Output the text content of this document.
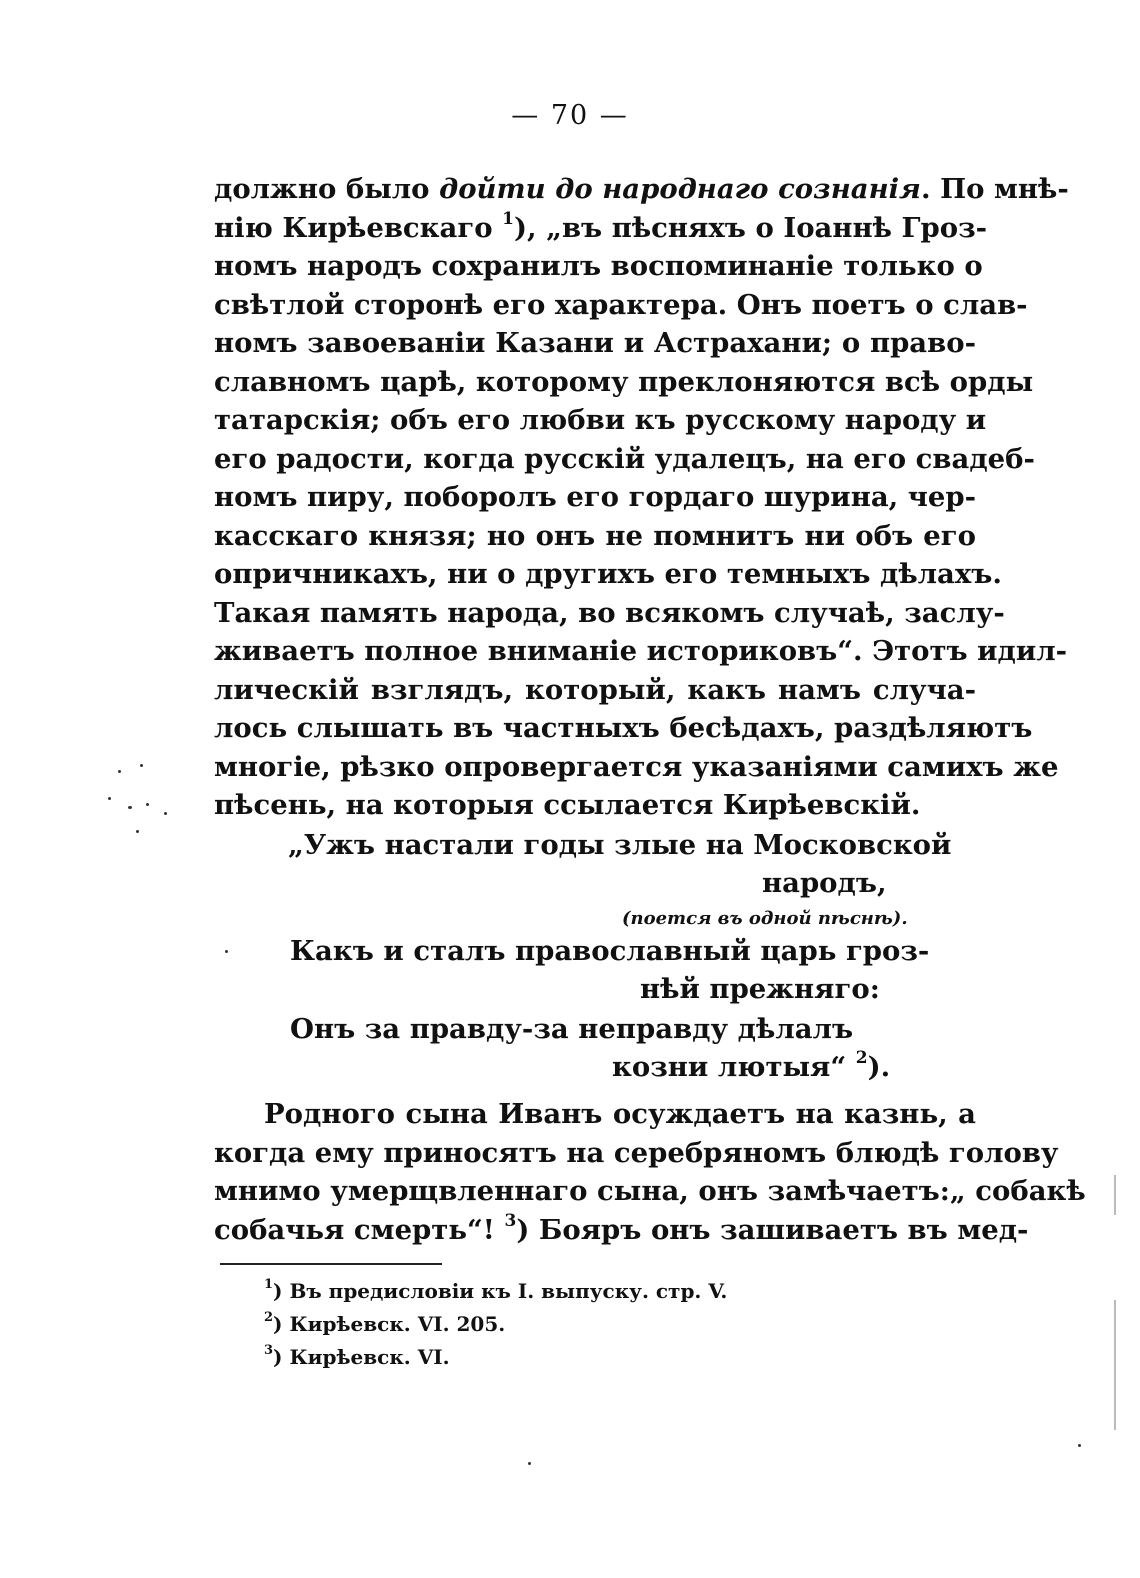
— 70 —
должно было дойти до народнаго сознанія. По мнѣ-
нію Кирѣевскаго $^1$), „въ пѣсняхъ о Іоаннѣ Гроз-
номъ народъ сохранилъ воспоминаніе только о
свѣтлой сторонѣ его характера. Онъ поетъ о слав-
номъ завоеваніи Казани и Астрахани; о право-
славномъ царѣ, которому преклоняются всѣ орды
татарскія; объ его любви къ русскому народу и
его радости, когда русскій удалецъ, на его свадеб-
номъ пиру, поборолъ его гордаго шурина, чер-
касскаго князя; но онъ не помнитъ ни объ его
опричникахъ, ни о другихъ его темныхъ дѣлахъ.
Такая память народа, во всякомъ случаѣ, заслу-
живаетъ полное вниманіе историковъ“. Этотъ идил-
лическій взглядъ, который, какъ намъ случа-
лось слышать въ частныхъ бесѣдахъ, раздѣляютъ
многіе, рѣзко опровергается указаніями самихъ же
пѣсень, на которыя ссылается Кирѣевскій.
„Ужъ настали годы злые на Московской
народъ,
(поется въ одной пѣснѣ).
Какъ и сталъ православный царь гроз-
нѣй прежняго:
Онъ за правду-за неправду дѣлалъ
козни лютыя“ $^2$).
Родного сына Иванъ осуждаетъ на казнь, а
когда ему приносятъ на серебряномъ блюдѣ голову
мнимо умерщвленнаго сына, онъ замѣчаетъ:„ собакѣ
собачья смерть“! $^3$) Бояръ онъ зашиваетъ въ мед-
$^1$) Въ предисловіи къ I. выпуску. стр. V.
$^2$) Кирѣевск. VI. 205.
$^3$) Кирѣевск. VI.
